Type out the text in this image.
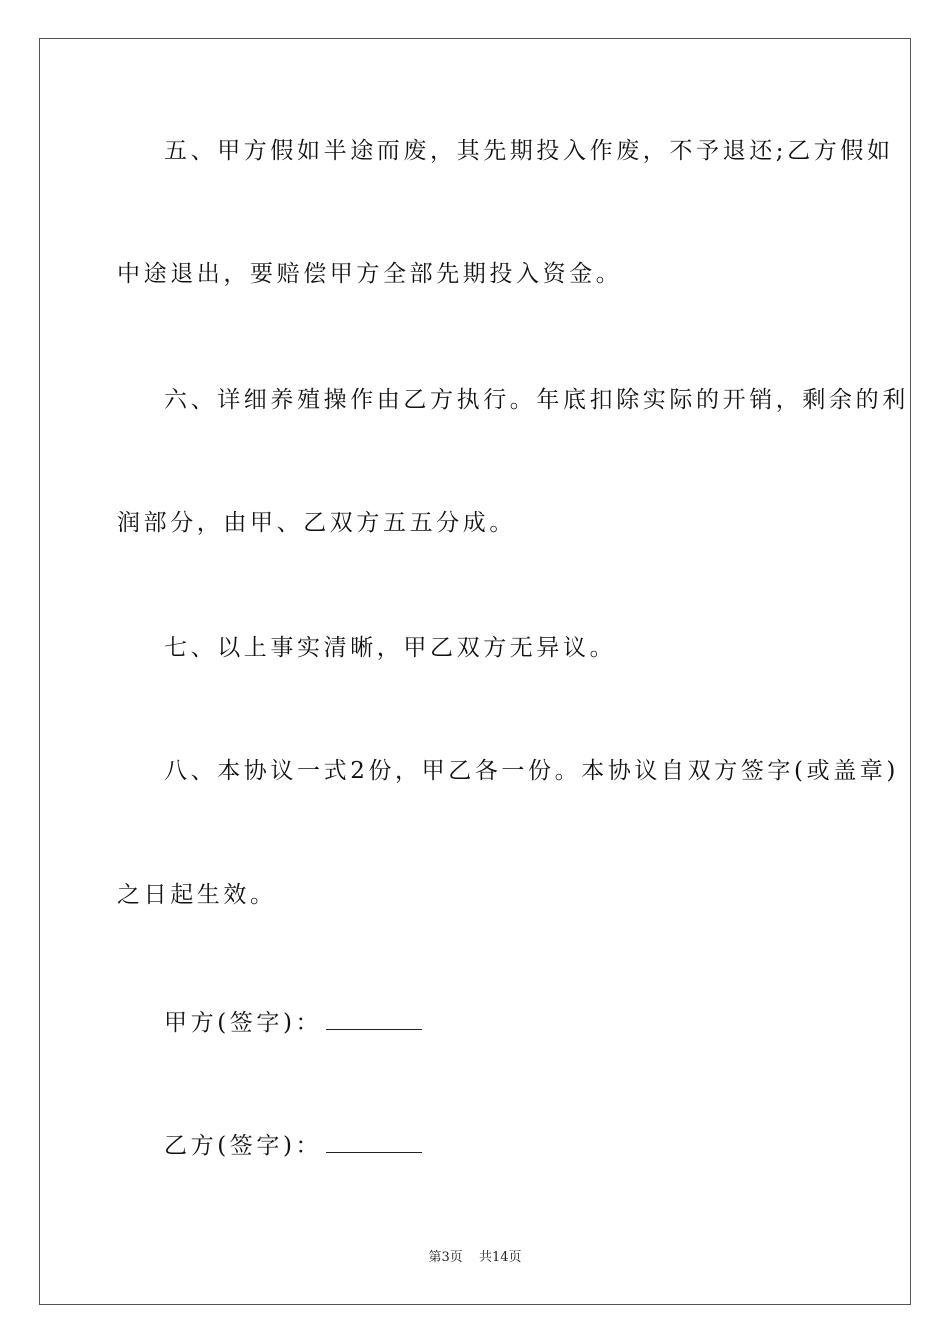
五、甲方假如半途而废，其先期投入作废，不予退还;乙方假如
中途退出，要赔偿甲方全部先期投入资金。
六、详细养殖操作由乙方执行。年底扣除实际的开销，剩余的利
润部分，由甲、乙双方五五分成。
七、以上事实清晰，甲乙双方无异议。
八、本协议一式2份，甲乙各一份。本协议自双方签字(或盖章)
之日起生效。
甲方(签字)：
乙方(签字)：
第3页 共14页
